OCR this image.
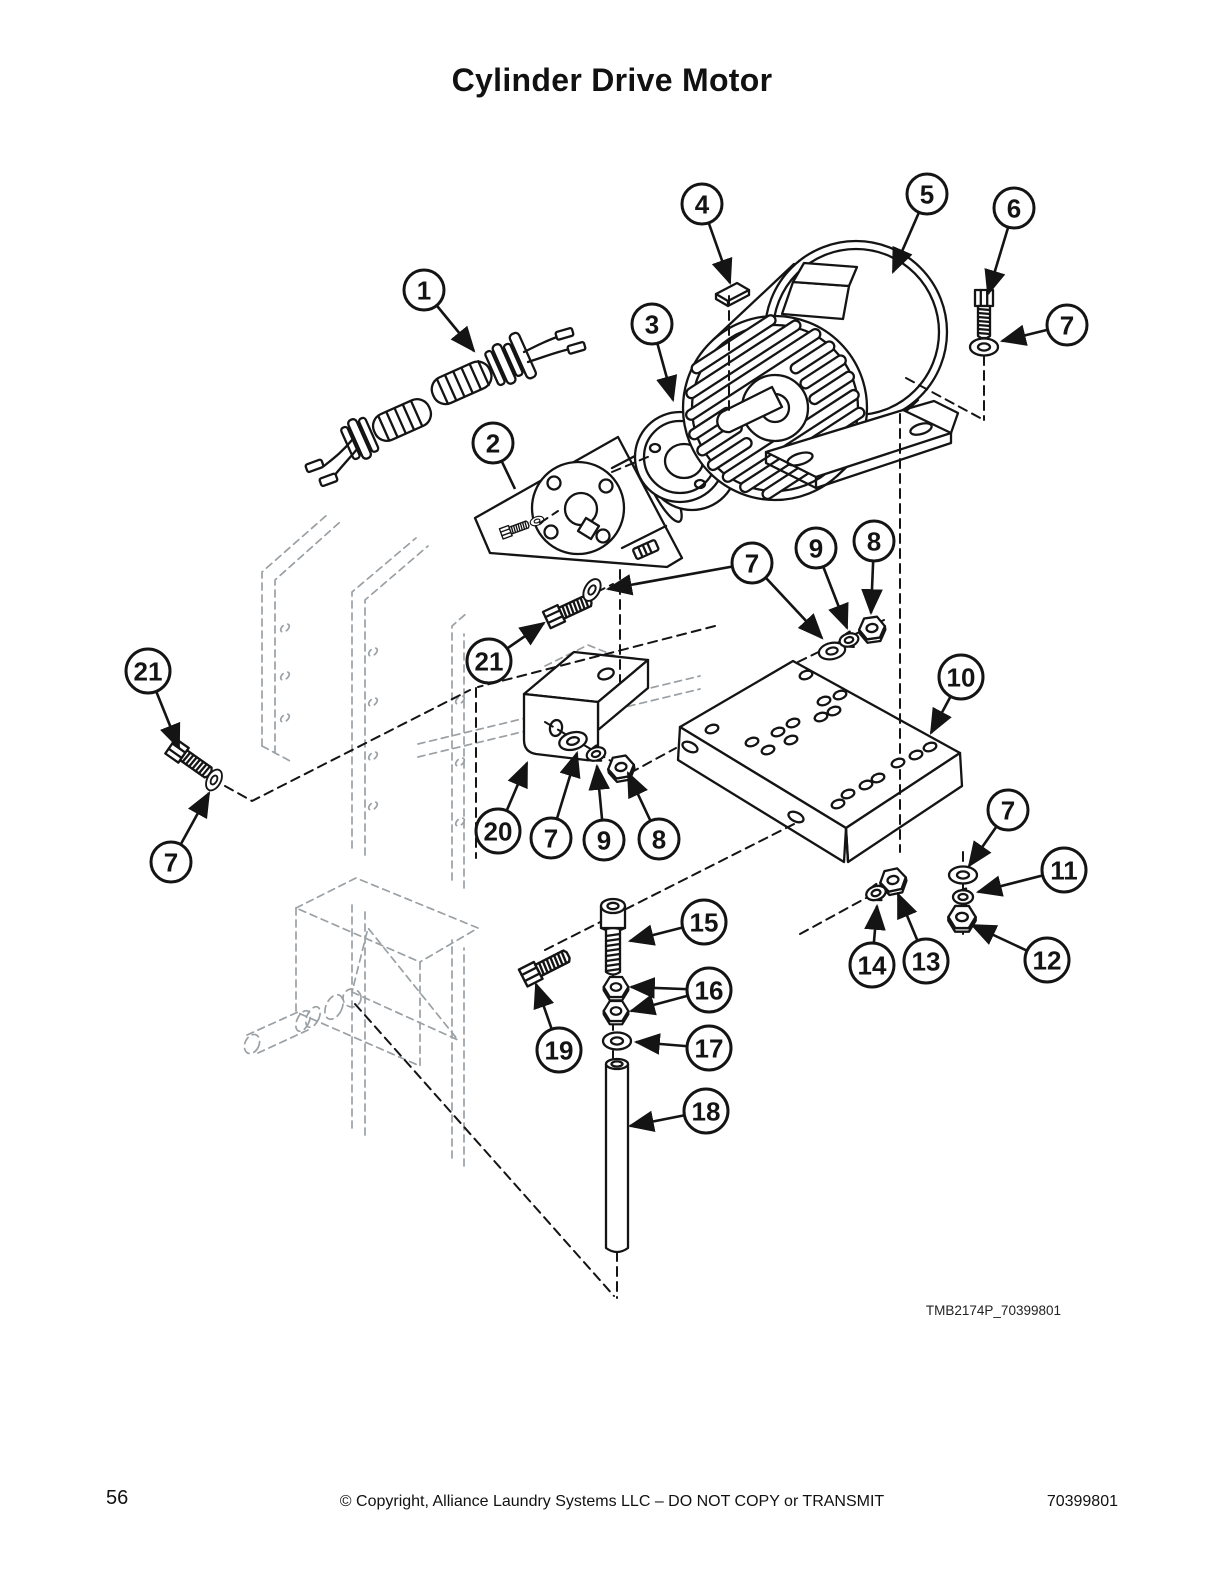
Cylinder Drive Motor
1
2
3
4	5	6
7
7 9 8
10
21
20 7 9 8
21
7
7
11
12
13
14
15
16
17
19
18
TMB2174P_70399801
56	© Copyright, Alliance Laundry Systems LLC – DO NOT COPY or TRANSMIT	70399801
